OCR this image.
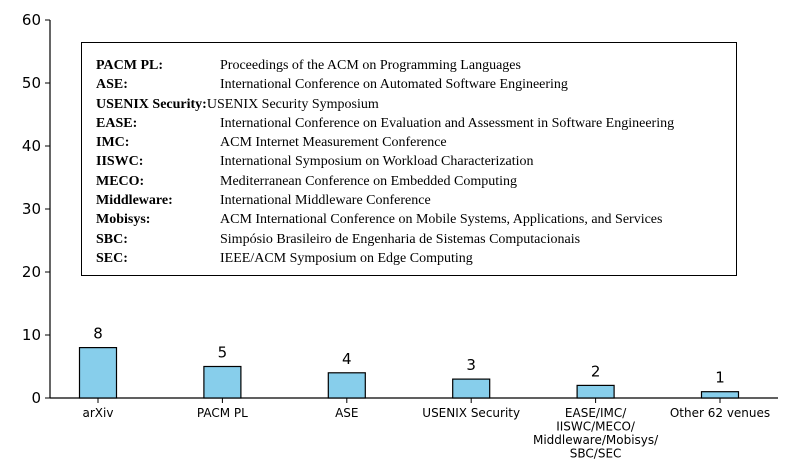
0
10
20
30
40
50
60
8
5	4	3	2	1
arXiv	PACM PL	ASE	USENIX Security	EASE/IMC/ IISWC/MECO/ Middleware/Mobisys/ SBC/SEC
Other 62 venues
PACM PL:	Proceedings of the ACM on Programming Languages
ASE:	International Conference on Automated Software Engineering
USENIX Security: USENIX Security Symposium
EASE:	International Conference on Evaluation and Assessment in Software Engineering
IMC:	ACM Internet Measurement Conference
IISWC:	International Symposium on Workload Characterization
MECO:	Mediterranean Conference on Embedded Computing
Middleware:	International Middleware Conference
Mobisys:	ACM International Conference on Mobile Systems, Applications, and Services
SBC:	Simpósio Brasileiro de Engenharia de Sistemas Computacionais
SEC:	IEEE/ACM Symposium on Edge Computing
